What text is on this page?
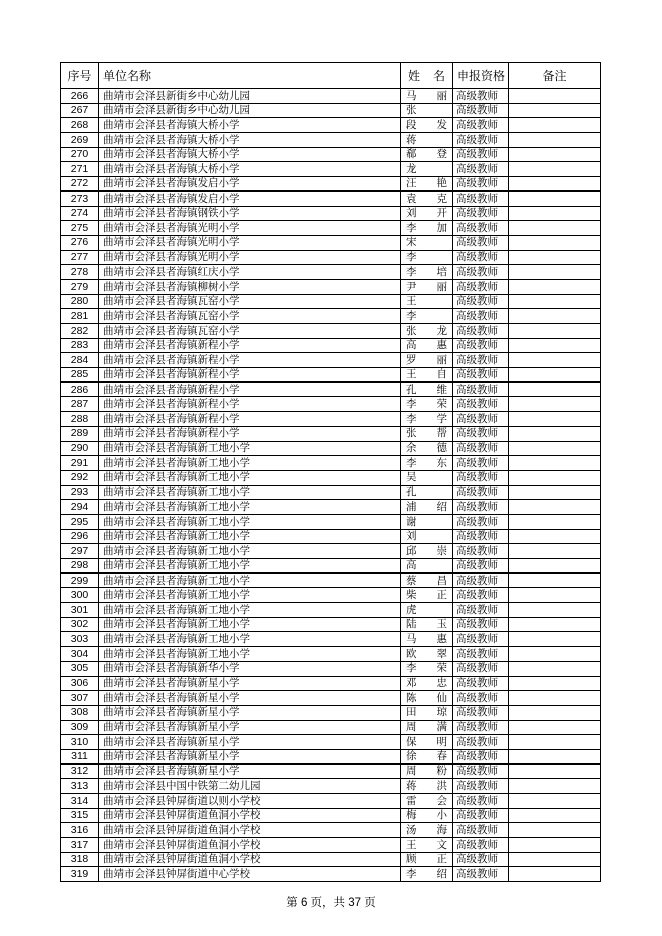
序号	单位名称	姓 名	申报资格	备注
266	曲靖市会泽县新街乡中心幼儿园	马 丽	高级教师	
267	曲靖市会泽县新街乡中心幼儿园	张	高级教师	
268	曲靖市会泽县者海镇大桥小学	段 发	高级教师	
269	曲靖市会泽县者海镇大桥小学	蒋	高级教师	
270	曲靖市会泽县者海镇大桥小学	郗 登	高级教师	
271	曲靖市会泽县者海镇大桥小学	龙	高级教师	
272	曲靖市会泽县者海镇发启小学	汪 艳	高级教师	
273	曲靖市会泽县者海镇发启小学	袁 克	高级教师	
274	曲靖市会泽县者海镇钢铁小学	刘 开	高级教师	
275	曲靖市会泽县者海镇光明小学	李 加	高级教师	
276	曲靖市会泽县者海镇光明小学	宋	高级教师	
277	曲靖市会泽县者海镇光明小学	李	高级教师	
278	曲靖市会泽县者海镇红庆小学	李 培	高级教师	
279	曲靖市会泽县者海镇柳树小学	尹 丽	高级教师	
280	曲靖市会泽县者海镇瓦窑小学	王	高级教师	
281	曲靖市会泽县者海镇瓦窑小学	李	高级教师	
282	曲靖市会泽县者海镇瓦窑小学	张 龙	高级教师	
283	曲靖市会泽县者海镇新程小学	高 惠	高级教师	
284	曲靖市会泽县者海镇新程小学	罗 丽	高级教师	
285	曲靖市会泽县者海镇新程小学	王 自	高级教师	
286	曲靖市会泽县者海镇新程小学	孔 维	高级教师	
287	曲靖市会泽县者海镇新程小学	李 荣	高级教师	
288	曲靖市会泽县者海镇新程小学	李 学	高级教师	
289	曲靖市会泽县者海镇新程小学	张 帮	高级教师	
290	曲靖市会泽县者海镇新工地小学	余 德	高级教师	
291	曲靖市会泽县者海镇新工地小学	李 东	高级教师	
292	曲靖市会泽县者海镇新工地小学	吴	高级教师	
293	曲靖市会泽县者海镇新工地小学	孔	高级教师	
294	曲靖市会泽县者海镇新工地小学	浦 绍	高级教师	
295	曲靖市会泽县者海镇新工地小学	谢	高级教师	
296	曲靖市会泽县者海镇新工地小学	刘	高级教师	
297	曲靖市会泽县者海镇新工地小学	邱 崇	高级教师	
298	曲靖市会泽县者海镇新工地小学	高	高级教师	
299	曲靖市会泽县者海镇新工地小学	蔡 昌	高级教师	
300	曲靖市会泽县者海镇新工地小学	柴 正	高级教师	
301	曲靖市会泽县者海镇新工地小学	虎	高级教师	
302	曲靖市会泽县者海镇新工地小学	陆 玉	高级教师	
303	曲靖市会泽县者海镇新工地小学	马 惠	高级教师	
304	曲靖市会泽县者海镇新工地小学	欧 翠	高级教师	
305	曲靖市会泽县者海镇新华小学	李 荣	高级教师	
306	曲靖市会泽县者海镇新星小学	邓 忠	高级教师	
307	曲靖市会泽县者海镇新星小学	陈 仙	高级教师	
308	曲靖市会泽县者海镇新星小学	田 琼	高级教师	
309	曲靖市会泽县者海镇新星小学	周 满	高级教师	
310	曲靖市会泽县者海镇新星小学	保 明	高级教师	
311	曲靖市会泽县者海镇新星小学	徐 春	高级教师	
312	曲靖市会泽县者海镇新星小学	周 粉	高级教师	
313	曲靖市会泽县中国中铁第二幼儿园	蒋 洪	高级教师	
314	曲靖市会泽县钟屏街道以则小学校	雷 会	高级教师	
315	曲靖市会泽县钟屏街道鱼洞小学校	梅 小	高级教师	
316	曲靖市会泽县钟屏街道鱼洞小学校	汤 海	高级教师	
317	曲靖市会泽县钟屏街道鱼洞小学校	王 文	高级教师	
318	曲靖市会泽县钟屏街道鱼洞小学校	顾 正	高级教师	
319	曲靖市会泽县钟屏街道中心学校	李 绍	高级教师	
第 6 页，共 37 页
